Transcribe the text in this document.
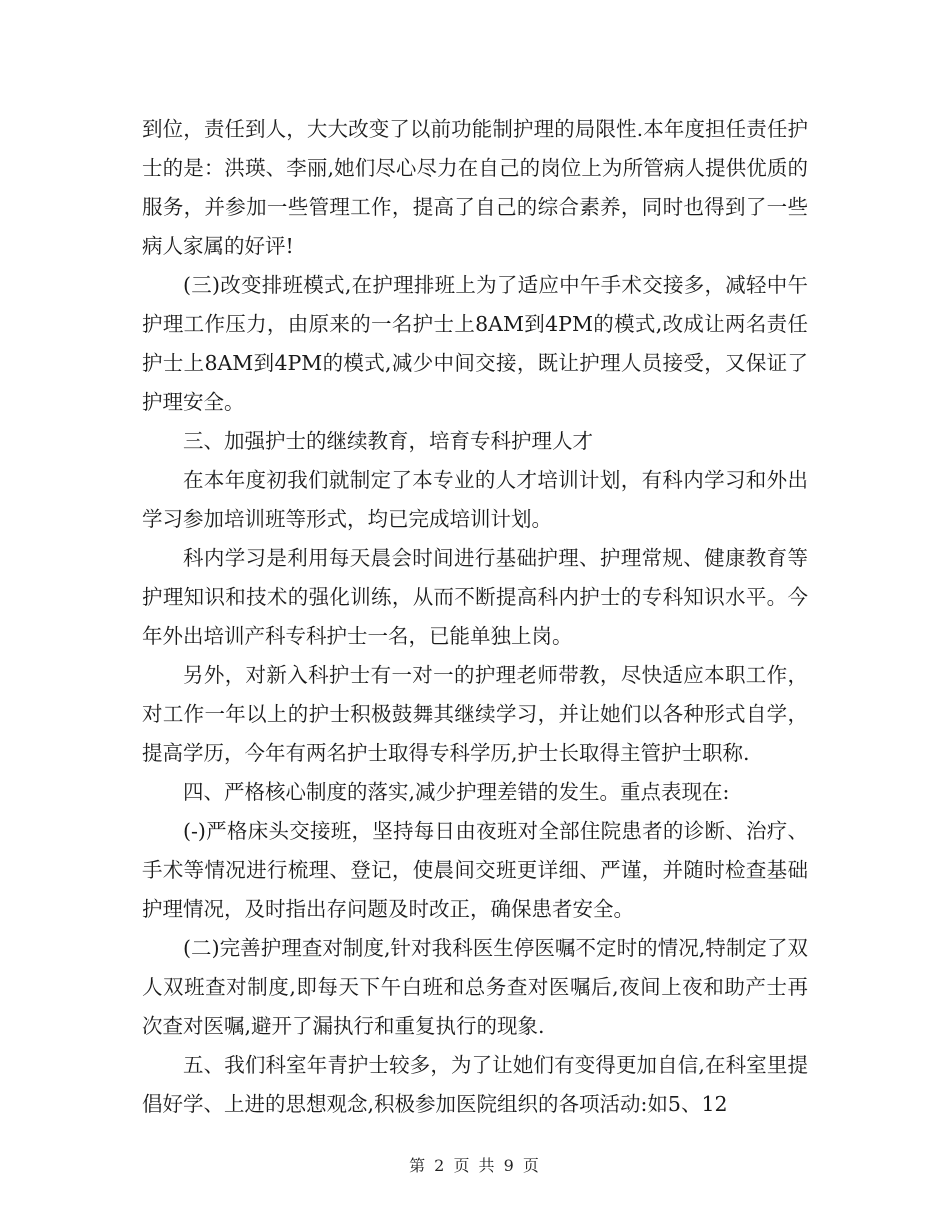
到位，责任到人，大大改变了以前功能制护理的局限性.本年度担任责任护士的是：洪瑛、李丽,她们尽心尽力在自己的岗位上为所管病人提供优质的服务，并参加一些管理工作，提高了自己的综合素养，同时也得到了一些病人家属的好评!

(三)改变排班模式,在护理排班上为了适应中午手术交接多，减轻中午护理工作压力，由原来的一名护士上8AM到4PM的模式,改成让两名责任护士上8AM到4PM的模式,减少中间交接，既让护理人员接受，又保证了护理安全。

三、加强护士的继续教育，培育专科护理人才

在本年度初我们就制定了本专业的人才培训计划，有科内学习和外出学习参加培训班等形式，均已完成培训计划。

科内学习是利用每天晨会时间进行基础护理、护理常规、健康教育等护理知识和技术的强化训练，从而不断提高科内护士的专科知识水平。今年外出培训产科专科护士一名，已能单独上岗。

另外，对新入科护士有一对一的护理老师带教，尽快适应本职工作，对工作一年以上的护士积极鼓舞其继续学习，并让她们以各种形式自学，提高学历，今年有两名护士取得专科学历,护士长取得主管护士职称.

四、严格核心制度的落实,减少护理差错的发生。重点表现在:

(-)严格床头交接班，坚持每日由夜班对全部住院患者的诊断、治疗、手术等情况进行梳理、登记，使晨间交班更详细、严谨，并随时检查基础护理情况，及时指出存问题及时改正，确保患者安全。

(二)完善护理查对制度,针对我科医生停医嘱不定时的情况,特制定了双人双班查对制度,即每天下午白班和总务查对医嘱后,夜间上夜和助产士再次查对医嘱,避开了漏执行和重复执行的现象.

五、我们科室年青护士较多，为了让她们有变得更加自信,在科室里提倡好学、上进的思想观念,积极参加医院组织的各项活动:如5、12

第 2 页 共 9 页
